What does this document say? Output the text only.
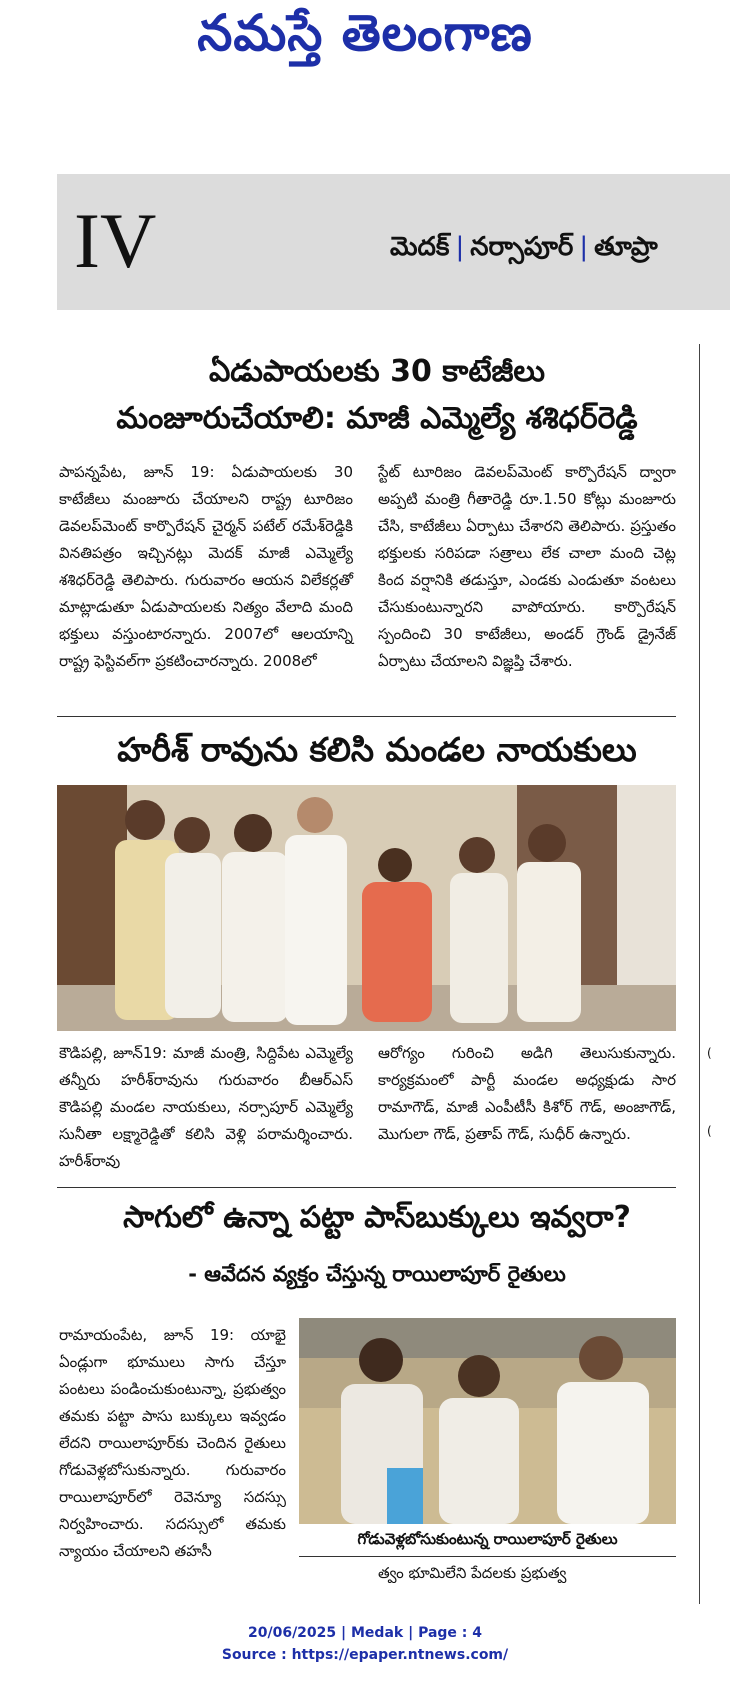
నమస్తే తెలంగాణ
IV	మెదక్ | నర్సాపూర్ | తూప్రా
(
(
ఏడుపాయలకు 30 కాటేజీలు
మంజూరుచేయాలి: మాజీ ఎమ్మెల్యే శశిధర్‌రెడ్డి

పాపన్నపేట, జూన్ 19: ఏడుపాయలకు 30 కాటేజీలు మంజూరు చేయాలని రాష్ట్ర టూరిజం డెవలప్‌మెంట్ కార్పొరేషన్ చైర్మన్ పటేల్ రమేశ్‌రెడ్డికి వినతిపత్రం ఇచ్చినట్లు మెదక్ మాజీ ఎమ్మెల్యే శశిధర్‌రెడ్డి తెలిపారు. గురువారం ఆయన విలేకర్లతో మాట్లాడుతూ ఏడుపాయలకు నిత్యం వేలాది మంది భక్తులు వస్తుంటారన్నారు. 2007లో ఆలయాన్ని రాష్ట్ర ఫెస్టివల్‌గా ప్రకటించారన్నారు. 2008లో

స్టేట్ టూరిజం డెవలప్‌మెంట్ కార్పొరేషన్ ద్వారా అప్పటి మంత్రి గీతారెడ్డి రూ.1.50 కోట్లు మంజూరు చేసి, కాటేజీలు ఏర్పాటు చేశారని తెలిపారు. ప్రస్తుతం భక్తులకు సరిపడా సత్రాలు లేక చాలా మంది చెట్ల కింద వర్షానికి తడుస్తూ, ఎండకు ఎండుతూ వంటలు చేసుకుంటున్నారని వాపోయారు. కార్పొరేషన్ స్పందించి 30 కాటేజీలు, అండర్ గ్రౌండ్ డ్రైనేజ్ ఏర్పాటు చేయాలని విజ్ఞప్తి చేశారు.

హరీశ్ రావును కలిసి మండల నాయకులు

కౌడిపల్లి, జూన్19: మాజీ మంత్రి, సిద్దిపేట ఎమ్మెల్యే తన్నీరు హరీశ్‌రావును గురువారం బీఆర్‌ఎస్ కౌడిపల్లి మండల నాయకులు, నర్సాపూర్ ఎమ్మెల్యే సునీతా లక్ష్మారెడ్డితో కలిసి వెళ్లి పరామర్శించారు. హరీశ్‌రావు

ఆరోగ్యం గురించి అడిగి తెలుసుకున్నారు. కార్యక్రమంలో పార్టీ మండల అధ్యక్షుడు సార రామాగౌడ్, మాజీ ఎంపీటీసీ కిశోర్ గౌడ్, అంజాగౌడ్, మొగులా గౌడ్, ప్రతాప్ గౌడ్, సుధీర్ ఉన్నారు.

సాగులో ఉన్నా పట్టా పాస్‌బుక్కులు ఇవ్వరా?
- ఆవేదన వ్యక్తం చేస్తున్న రాయిలాపూర్ రైతులు

రామాయంపేట, జూన్ 19: యాభై ఏండ్లుగా భూములు సాగు చేస్తూ పంటలు పండించుకుంటున్నా, ప్రభుత్వం తమకు పట్టా పాసు బుక్కులు ఇవ్వడం లేదని రాయిలాపూర్‌కు చెందిన రైతులు గోడువెళ్లబోసుకున్నారు. గురువారం రాయిలాపూర్‌లో రెవెన్యూ సదస్సు నిర్వహించారు. సదస్సులో తమకు న్యాయం చేయాలని తహసీ

గోడువెళ్లబోసుకుంటున్న రాయిలాపూర్ రైతులు

త్వం భూమిలేని పేదలకు ప్రభుత్వ

20/06/2025 | Medak | Page : 4
Source : https://epaper.ntnews.com/
